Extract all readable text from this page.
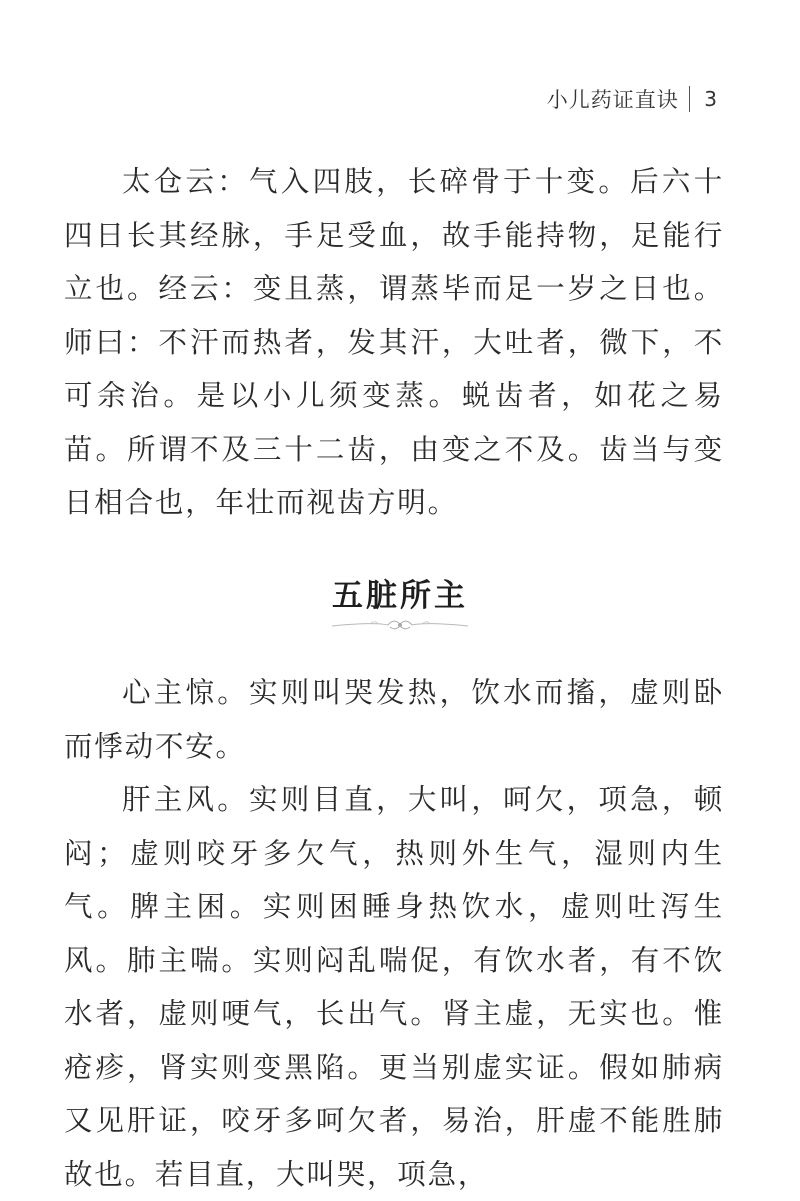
小儿药证直诀 3

太仓云：气入四肢，长碎骨于十变。后六十四日长其经脉，手足受血，故手能持物，足能行立也。经云：变且蒸，谓蒸毕而足一岁之日也。师曰：不汗而热者，发其汗，大吐者，微下，不可余治。是以小儿须变蒸。蜕齿者，如花之易苗。所谓不及三十二齿，由变之不及。齿当与变日相合也，年壮而视齿方明。

五脏所主

心主惊。实则叫哭发热，饮水而搐，虚则卧而悸动不安。

肝主风。实则目直，大叫，呵欠，项急，顿闷；虚则咬牙多欠气，热则外生气，湿则内生气。脾主困。实则困睡身热饮水，虚则吐泻生风。肺主喘。实则闷乱喘促，有饮水者，有不饮水者，虚则哽气，长出气。肾主虚，无实也。惟疮疹，肾实则变黑陷。更当别虚实证。假如肺病又见肝证，咬牙多呵欠者，易治，肝虚不能胜肺故也。若目直，大叫哭，项急，
